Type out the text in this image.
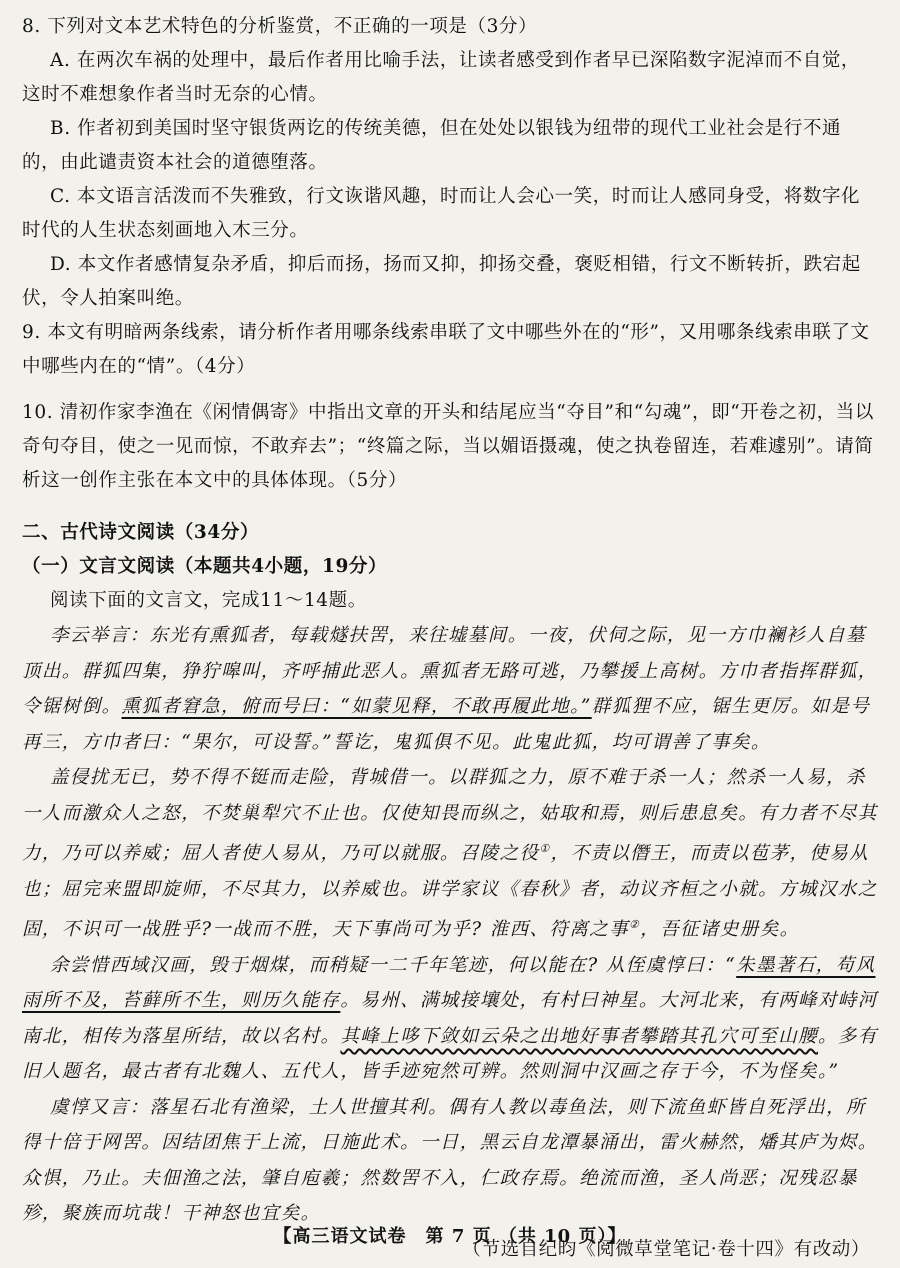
8. 下列对文本艺术特色的分析鉴赏，不正确的一项是（3分）

A. 在两次车祸的处理中，最后作者用比喻手法，让读者感受到作者早已深陷数字泥淖而不自觉，这时不难想象作者当时无奈的心情。

B. 作者初到美国时坚守银货两讫的传统美德，但在处处以银钱为纽带的现代工业社会是行不通的，由此谴责资本社会的道德堕落。

C. 本文语言活泼而不失雅致，行文诙谐风趣，时而让人会心一笑，时而让人感同身受，将数字化时代的人生状态刻画地入木三分。

D. 本文作者感情复杂矛盾，抑后而扬，扬而又抑，抑扬交叠，褒贬相错，行文不断转折，跌宕起伏，令人拍案叫绝。

9. 本文有明暗两条线索，请分析作者用哪条线索串联了文中哪些外在的“形”，又用哪条线索串联了文中哪些内在的“情”。（4分）

10. 清初作家李渔在《闲情偶寄》中指出文章的开头和结尾应当“夺目”和“勾魂”，即“开卷之初，当以奇句夺目，使之一见而惊，不敢弃去”；“终篇之际，当以媚语摄魂，使之执卷留连，若难遽别”。请简析这一创作主张在本文中的具体体现。（5分）

二、古代诗文阅读（34分）

（一）文言文阅读（本题共4小题，19分）

阅读下面的文言文，完成11～14题。

李云举言：东光有熏狐者，每载燧扶罟，来往墟墓间。一夜，伏伺之际，见一方巾襕衫人自墓顶出。群狐四集，狰狞嗥叫，齐呼捕此恶人。熏狐者无路可逃，乃攀援上高树。方巾者指挥群狐，令锯树倒。熏狐者窘急，俯而号曰：“如蒙见释，不敢再履此地。”群狐狸不应，锯生更厉。如是号再三，方巾者曰：“果尔，可设誓。”誓讫，鬼狐俱不见。此鬼此狐，均可谓善了事矣。

盖侵扰无已，势不得不铤而走险，背城借一。以群狐之力，原不难于杀一人；然杀一人易，杀一人而激众人之怒，不焚巢犁穴不止也。仅使知畏而纵之，姑取和焉，则后患息矣。有力者不尽其力，乃可以养威；屈人者使人易从，乃可以就服。召陵之役①，不责以僭王，而责以苞茅，使易从也；屈完来盟即旋师，不尽其力，以养威也。讲学家议《春秋》者，动议齐桓之小就。方城汉水之固，不识可一战胜乎?一战而不胜，天下事尚可为乎? 淮西、符离之事②，吾征诸史册矣。

余尝惜西域汉画，毁于烟煤，而稍疑一二千年笔迹，何以能在? 从侄虞惇曰：“朱墨著石，苟风雨所不及，苔藓所不生，则历久能存。易州、满城接壤处，有村曰神星。大河北来，有两峰对峙河南北，相传为落星所结，故以名村。其峰上哆下敛如云朵之出地好事者攀踏其孔穴可至山腰。多有旧人题名，最古者有北魏人、五代人，皆手迹宛然可辨。然则洞中汉画之存于今，不为怪矣。”

虞惇又言：落星石北有渔梁，土人世擅其利。偶有人教以毒鱼法，则下流鱼虾皆自死浮出，所得十倍于网罟。因结团焦于上流，日施此术。一日，黑云自龙潭暴涌出，雷火赫然，燔其庐为烬。众惧，乃止。夫佃渔之法，肇自庖羲；然数罟不入，仁政存焉。绝流而渔，圣人尚恶；况残忍暴殄，聚族而坑哉！干神怒也宜矣。

（节选自纪昀《阅微草堂笔记·卷十四》有改动）

【高三语文试卷　第 7 页 （共 10 页）】
